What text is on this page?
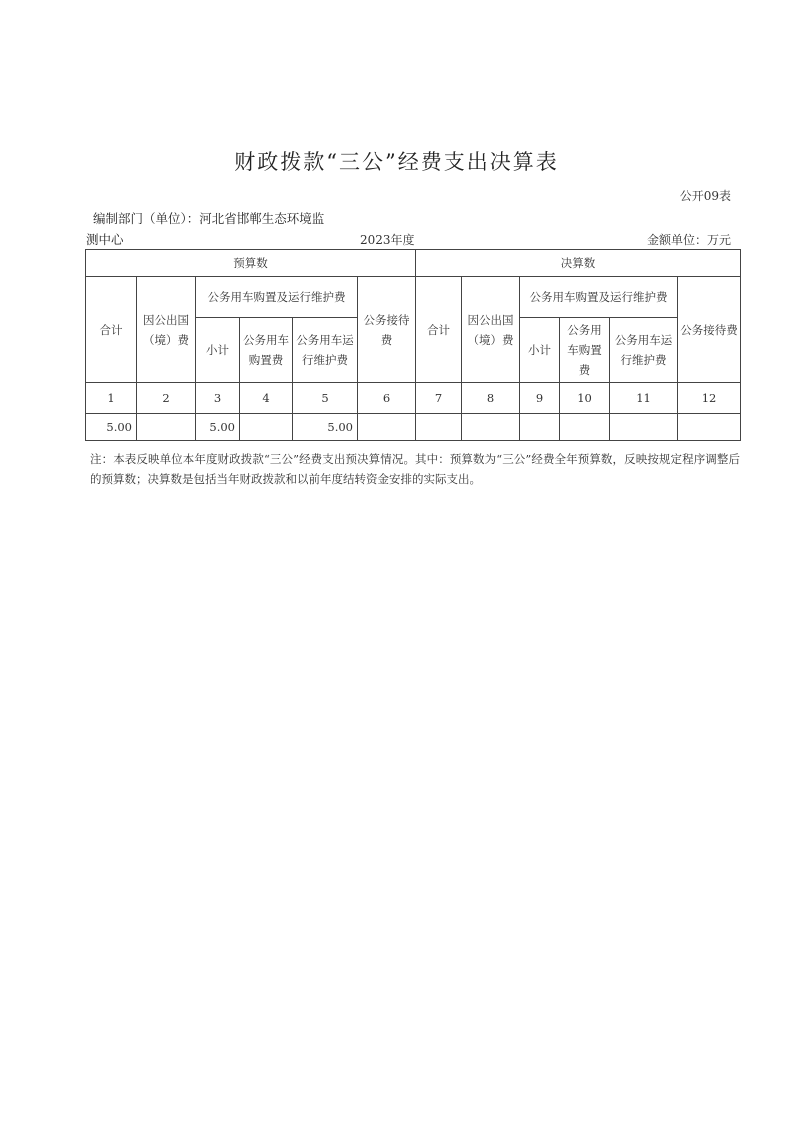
财政拨款“三公”经费支出决算表
公开09表
编制部门（单位）：河北省邯郸生态环境监
测中心	2023年度	金额单位：万元
预算数						决算数					
合计	因公出国（境）费	公务用车购置及运行维护费			公务接待费	合计	因公出国（境）费	公务用车购置及运行维护费			公务接待费
		小计	公务用车购置费	公务用车运行维护费				小计	公务用车购置费	公务用车运行维护费	
1	2	3	4	5	6	7	8	9	10	11	12
5.00		5.00		5.00							
注：本表反映单位本年度财政拨款“三公”经费支出预决算情况。其中：预算数为“三公”经费全年预算数，反映按规定程序调整后的预算数；决算数是包括当年财政拨款和以前年度结转资金安排的实际支出。
